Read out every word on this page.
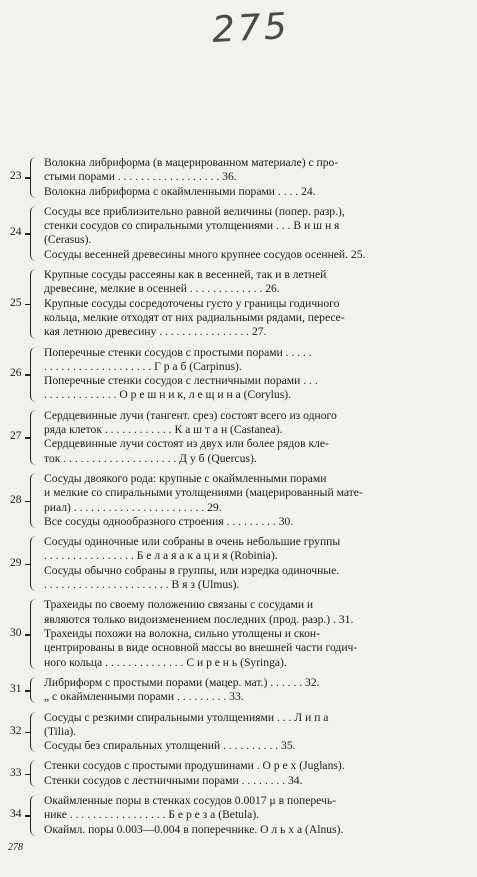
275
23
Волокна либриформа (в мацерированном материале) с про-
стыми порами . . . . . . . . . . . . . . . . . . 36.
Волокна либриформа с окаймленными порами . . . . 24.
24
Сосуды все приблизительно равной величины (попер. разр.),
стенки сосудов со спиральными утолщениями . . . В и ш н я
(Cerasus).
Сосуды весенней древесины много крупнее сосудов осенней. 25.
25
Крупные сосуды рассеяны как в весенней, так и в летней
древесине, мелкие в осенней . . . . . . . . . . . . . 26.
Крупные сосуды сосредоточены густо у границы годичного
кольца, мелкие отходят от них радиальными рядами, пересе-
кая летнюю древесину . . . . . . . . . . . . . . . . 27.
26
Поперечные стенки сосудов с простыми порами . . . . .
. . . . . . . . . . . . . . . . . . . Г р а б (Carpinus).
Поперечные стенки сосудов с лестничными порами . . .
. . . . . . . . . . . . . О р е ш н и к, л е щ и н а (Corylus).
27
Сердцевинные лучи (тангент. срез) состоят всего из одного
ряда клеток . . . . . . . . . . . . К а ш т а н (Castanea).
Сердцевинные лучи состоят из двух или более рядов кле-
ток . . . . . . . . . . . . . . . . . . . . Д у б (Quercus).
28
Сосуды двоякого рода: крупные с окаймленными порами
и мелкие со спиральными утолщениями (мацерированный мате-
риал) . . . . . . . . . . . . . . . . . . . . . . . 29.
Все сосуды однообразного строения . . . . . . . . . 30.
29
Сосуды одиночные или собраны в очень небольшие группы
. . . . . . . . . . . . . . . . Б е л а я а к а ц и я (Robinia).
Сосуды обычно собраны в группы, или изредка одиночные.
. . . . . . . . . . . . . . . . . . . . . . В я з (Ulmus).
30
Трахеиды по своему положению связаны с сосудами и
являются только видоизменением последних (прод. разр.) . 31.
Трахеиды похожи на волокна, сильно утолщены и скон-
центрированы в виде основной массы во внешней части годич-
ного кольца . . . . . . . . . . . . . . С и р е н ь (Syringa).
31
Либриформ с простыми порами (мацер. мат.) . . . . . . 32.
„ с окаймленными порами . . . . . . . . . 33.
32
Сосуды с резкими спиральными утолщениями . . . Л и п а
(Tilia).
Сосуды без спиральных утолщений . . . . . . . . . . 35.
33
Стенки сосудов с простыми продушинами . О р е х (Juglans).
Стенки сосудов с лестничными порами . . . . . . . . 34.
34
Окаймленные поры в стенках сосудов 0.0017 μ в поперечь-
нике . . . . . . . . . . . . . . . . . Б е р е з а (Betula).
Окаймл. поры 0.003—0.004 в поперечнике. О л ь х а (Alnus).
278
